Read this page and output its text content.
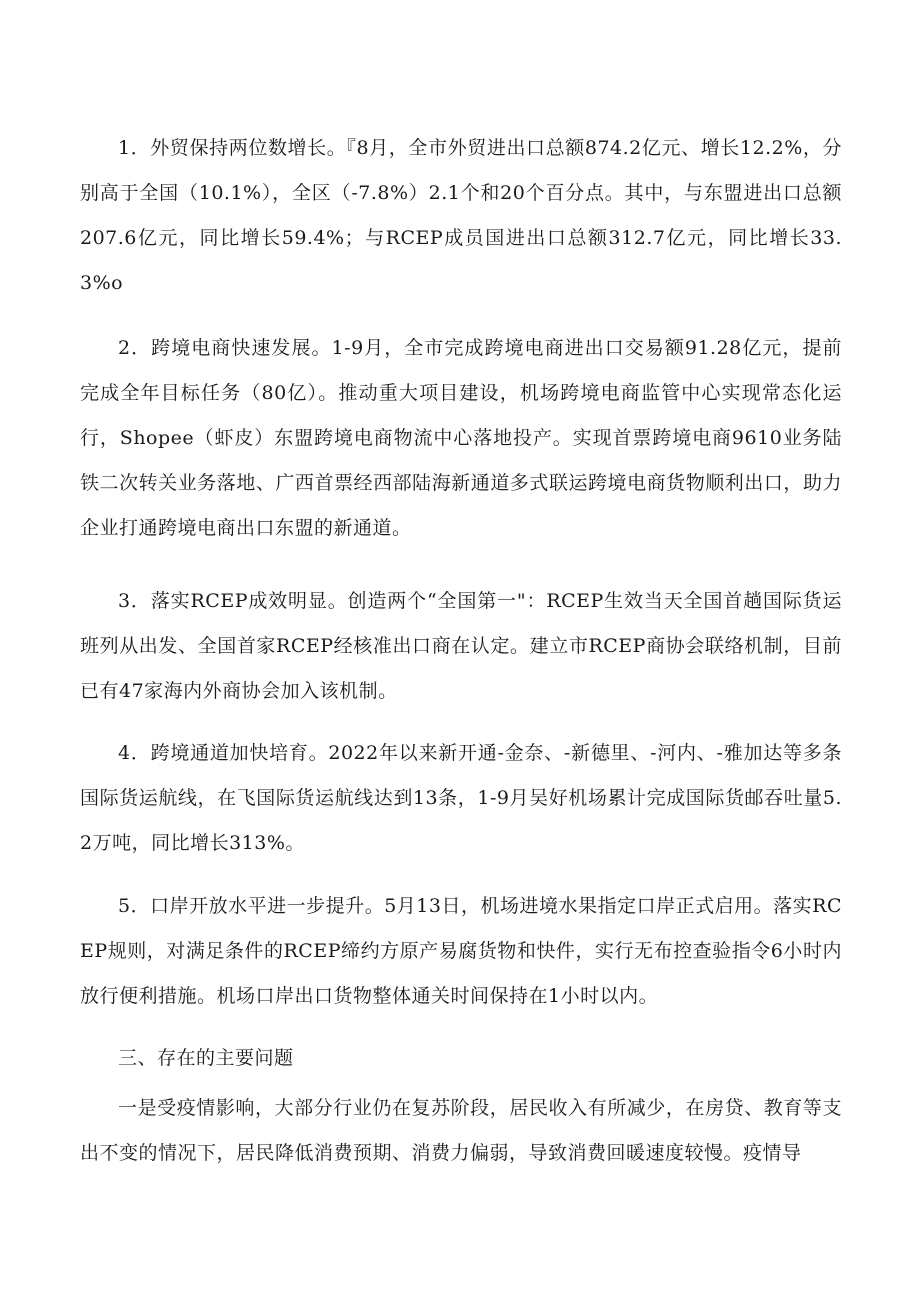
1．外贸保持两位数增长。『8月，全市外贸进出口总额874.2亿元、增长12.2%，分别高于全国（10.1%），全区（-7.8%）2.1个和20个百分点。其中，与东盟进出口总额207.6亿元，同比增长59.4%；与RCEP成员国进出口总额312.7亿元，同比增长33.3%o

2．跨境电商快速发展。1-9月，全市完成跨境电商进出口交易额91.28亿元，提前完成全年目标任务（80亿）。推动重大项目建设，机场跨境电商监管中心实现常态化运行，Shopee（虾皮）东盟跨境电商物流中心落地投产。实现首票跨境电商9610业务陆铁二次转关业务落地、广西首票经西部陆海新通道多式联运跨境电商货物顺利出口，助力企业打通跨境电商出口东盟的新通道。

3．落实RCEP成效明显。创造两个“全国第一"：RCEP生效当天全国首趟国际货运班列从出发、全国首家RCEP经核准出口商在认定。建立市RCEP商协会联络机制，目前已有47家海内外商协会加入该机制。

4．跨境通道加快培育。2022年以来新开通-金奈、-新德里、-河内、-雅加达等多条国际货运航线，在飞国际货运航线达到13条，1-9月吴好机场累计完成国际货邮吞吐量5.2万吨，同比增长313%。

5．口岸开放水平进一步提升。5月13日，机场进境水果指定口岸正式启用。落实RCEP规则，对满足条件的RCEP缔约方原产易腐货物和快件，实行无布控查验指令6小时内放行便利措施。机场口岸出口货物整体通关时间保持在1小时以内。

三、存在的主要问题

一是受疫情影响，大部分行业仍在复苏阶段，居民收入有所减少，在房贷、教育等支出不变的情况下，居民降低消费预期、消费力偏弱，导致消费回暖速度较慢。疫情导
